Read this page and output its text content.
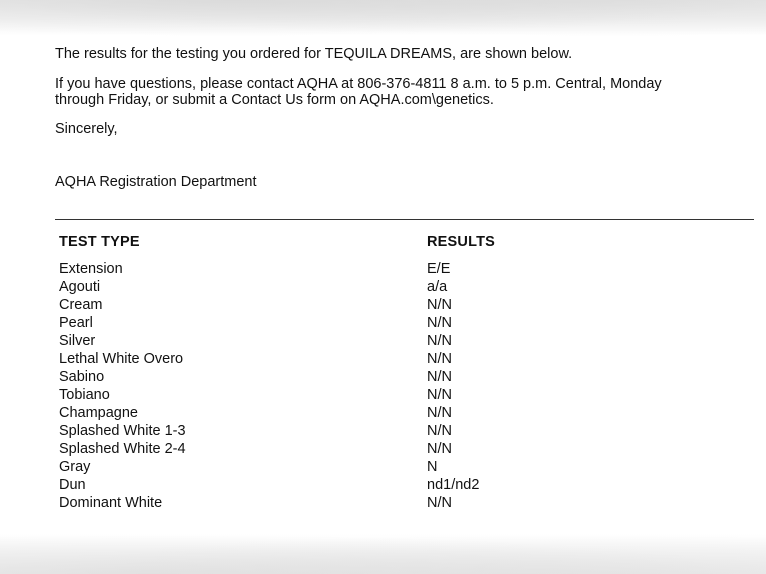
The results for the testing you ordered for TEQUILA DREAMS, are shown below.
If you have questions, please contact AQHA at 806-376-4811 8 a.m. to 5 p.m. Central, Monday
through Friday, or submit a Contact Us form on AQHA.com\genetics.
Sincerely,
AQHA Registration Department
TEST TYPE	RESULTS
Extension	E/E
Agouti	a/a
Cream	N/N
Pearl	N/N
Silver	N/N
Lethal White Overo	N/N
Sabino	N/N
Tobiano	N/N
Champagne	N/N
Splashed White 1-3	N/N
Splashed White 2-4	N/N
Gray	N
Dun	nd1/nd2
Dominant White	N/N
